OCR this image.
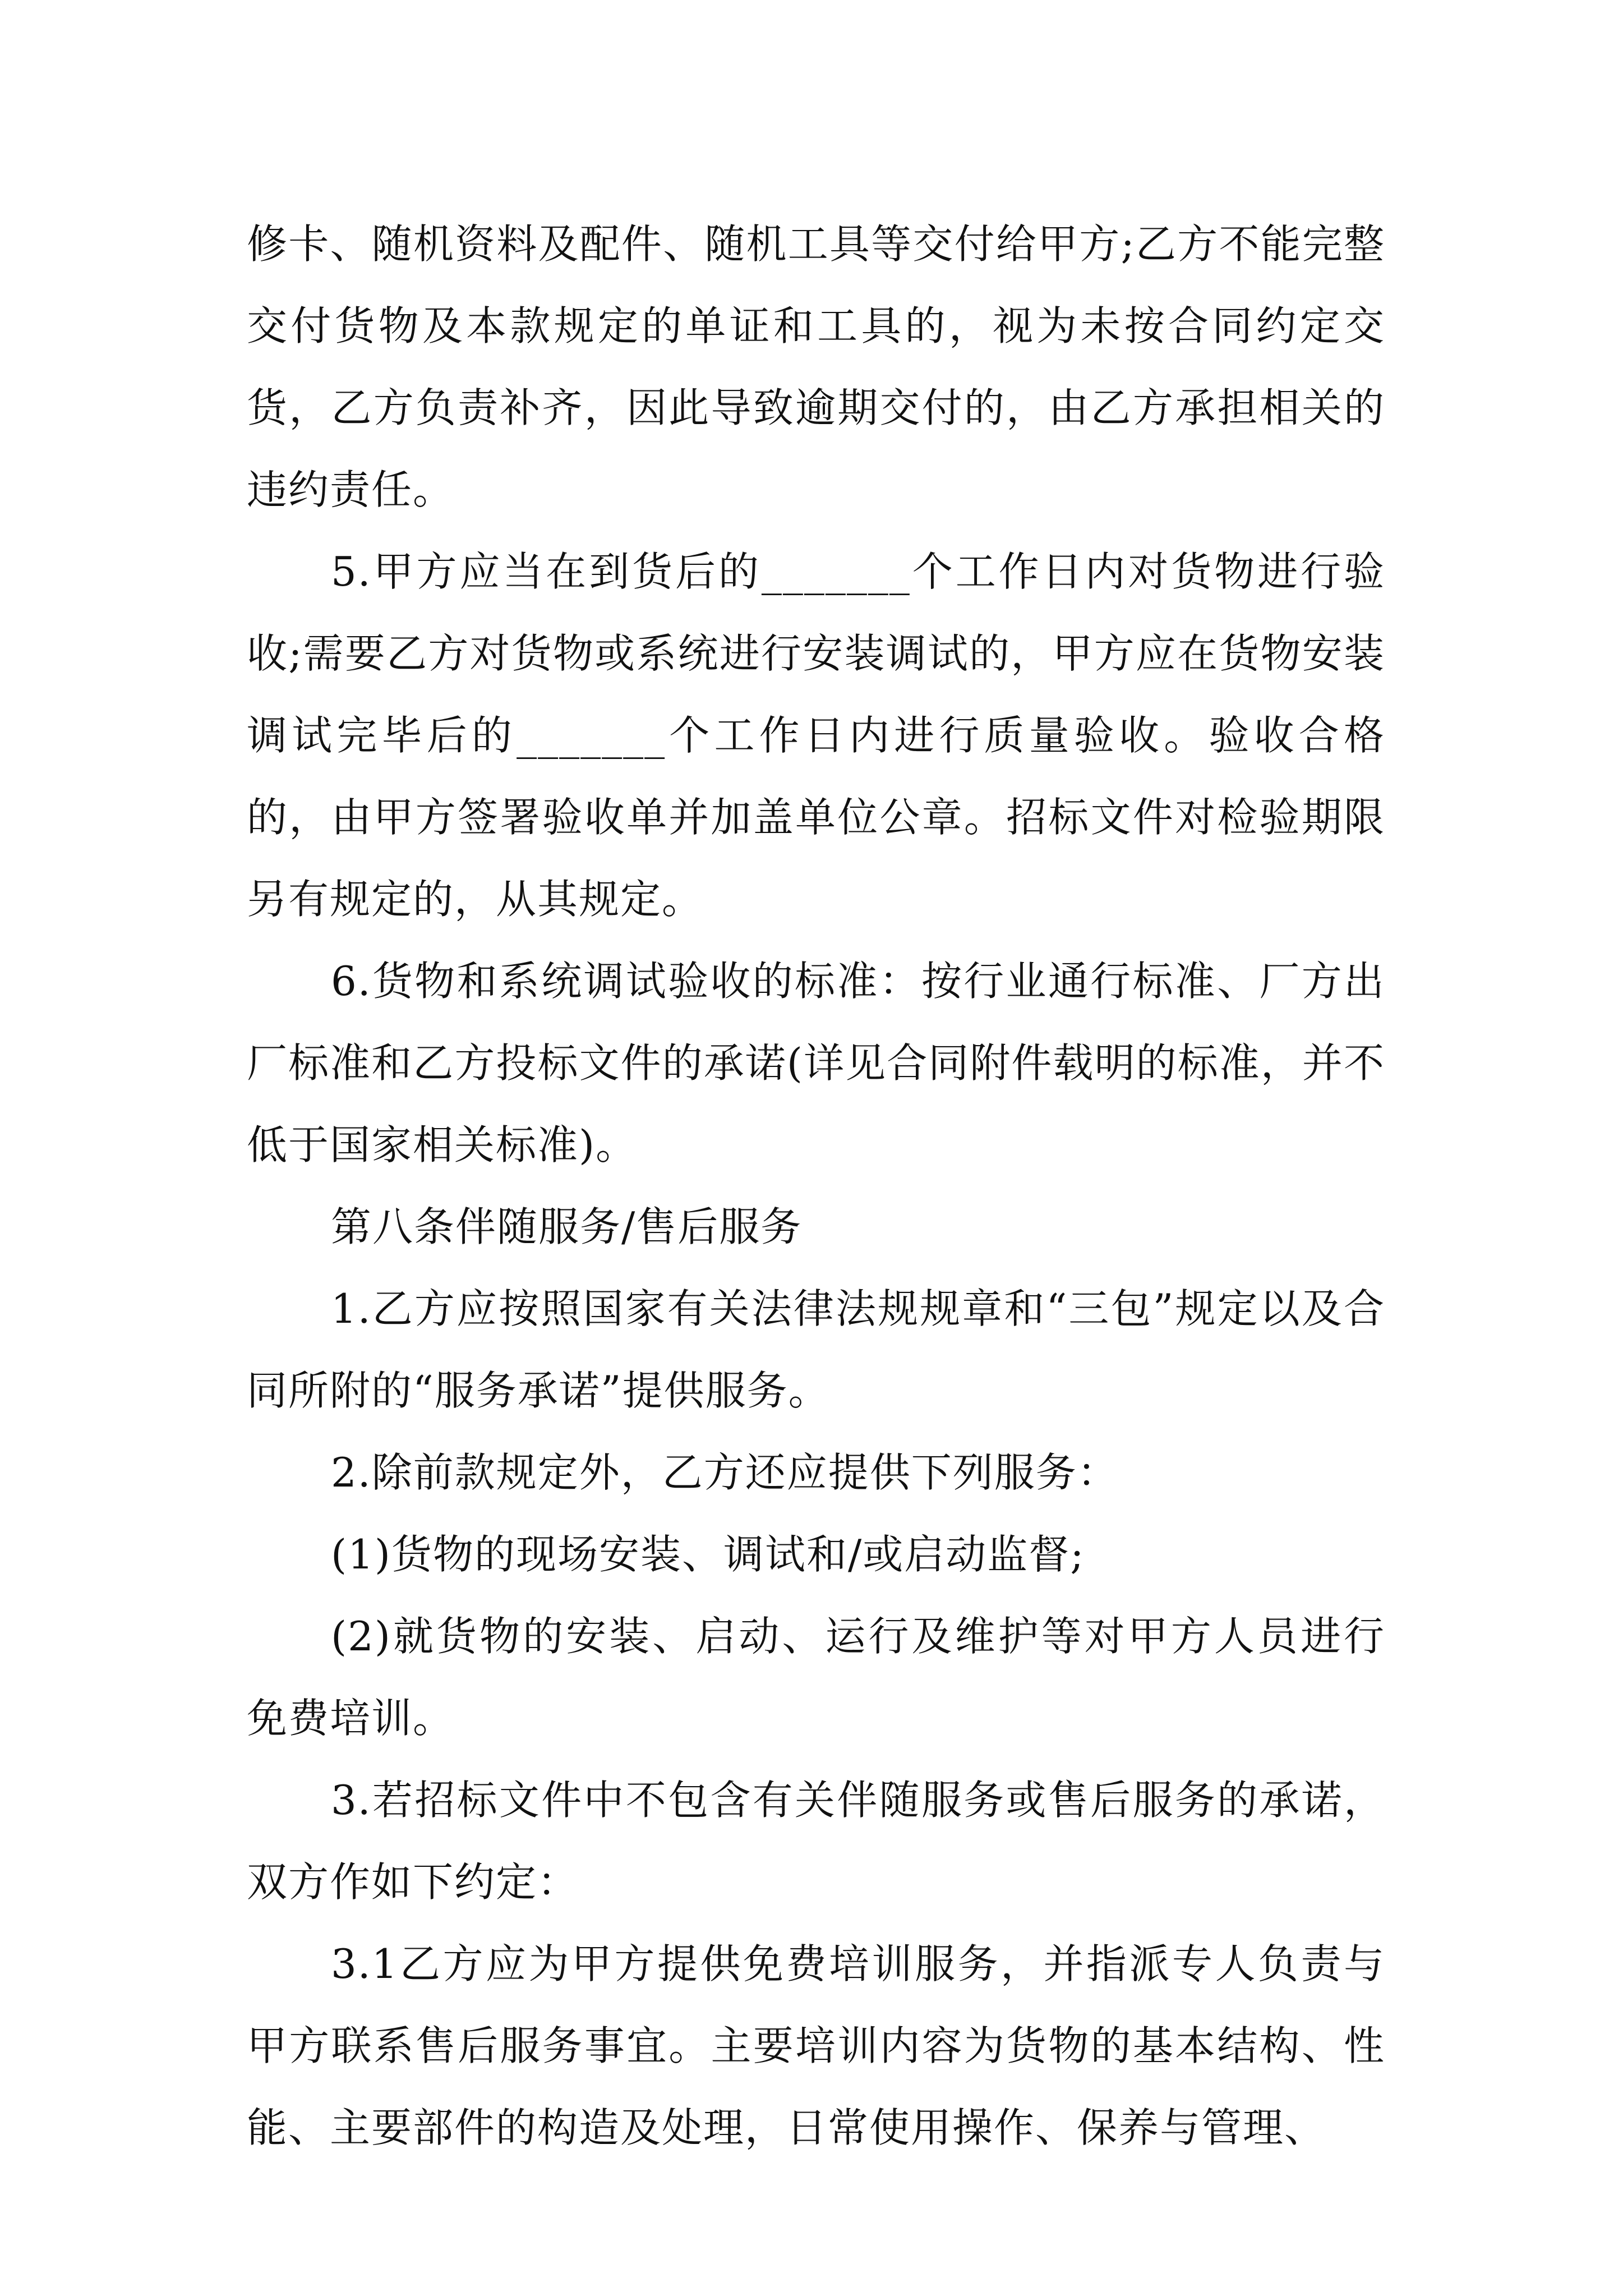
修卡、随机资料及配件、随机工具等交付给甲方;乙方不能完整交付货物及本款规定的单证和工具的，视为未按合同约定交货，乙方负责补齐，因此导致逾期交付的，由乙方承担相关的违约责任。

5.甲方应当在到货后的_______个工作日内对货物进行验收;需要乙方对货物或系统进行安装调试的，甲方应在货物安装调试完毕后的_______个工作日内进行质量验收。验收合格的，由甲方签署验收单并加盖单位公章。招标文件对检验期限另有规定的，从其规定。

6.货物和系统调试验收的标准：按行业通行标准、厂方出厂标准和乙方投标文件的承诺(详见合同附件载明的标准，并不低于国家相关标准)。

第八条伴随服务/售后服务

1.乙方应按照国家有关法律法规规章和“三包”规定以及合同所附的“服务承诺”提供服务。

2.除前款规定外，乙方还应提供下列服务：

(1)货物的现场安装、调试和/或启动监督;

(2)就货物的安装、启动、运行及维护等对甲方人员进行免费培训。

3.若招标文件中不包含有关伴随服务或售后服务的承诺，双方作如下约定：

3.1乙方应为甲方提供免费培训服务，并指派专人负责与甲方联系售后服务事宜。主要培训内容为货物的基本结构、性能、主要部件的构造及处理，日常使用操作、保养与管理、
